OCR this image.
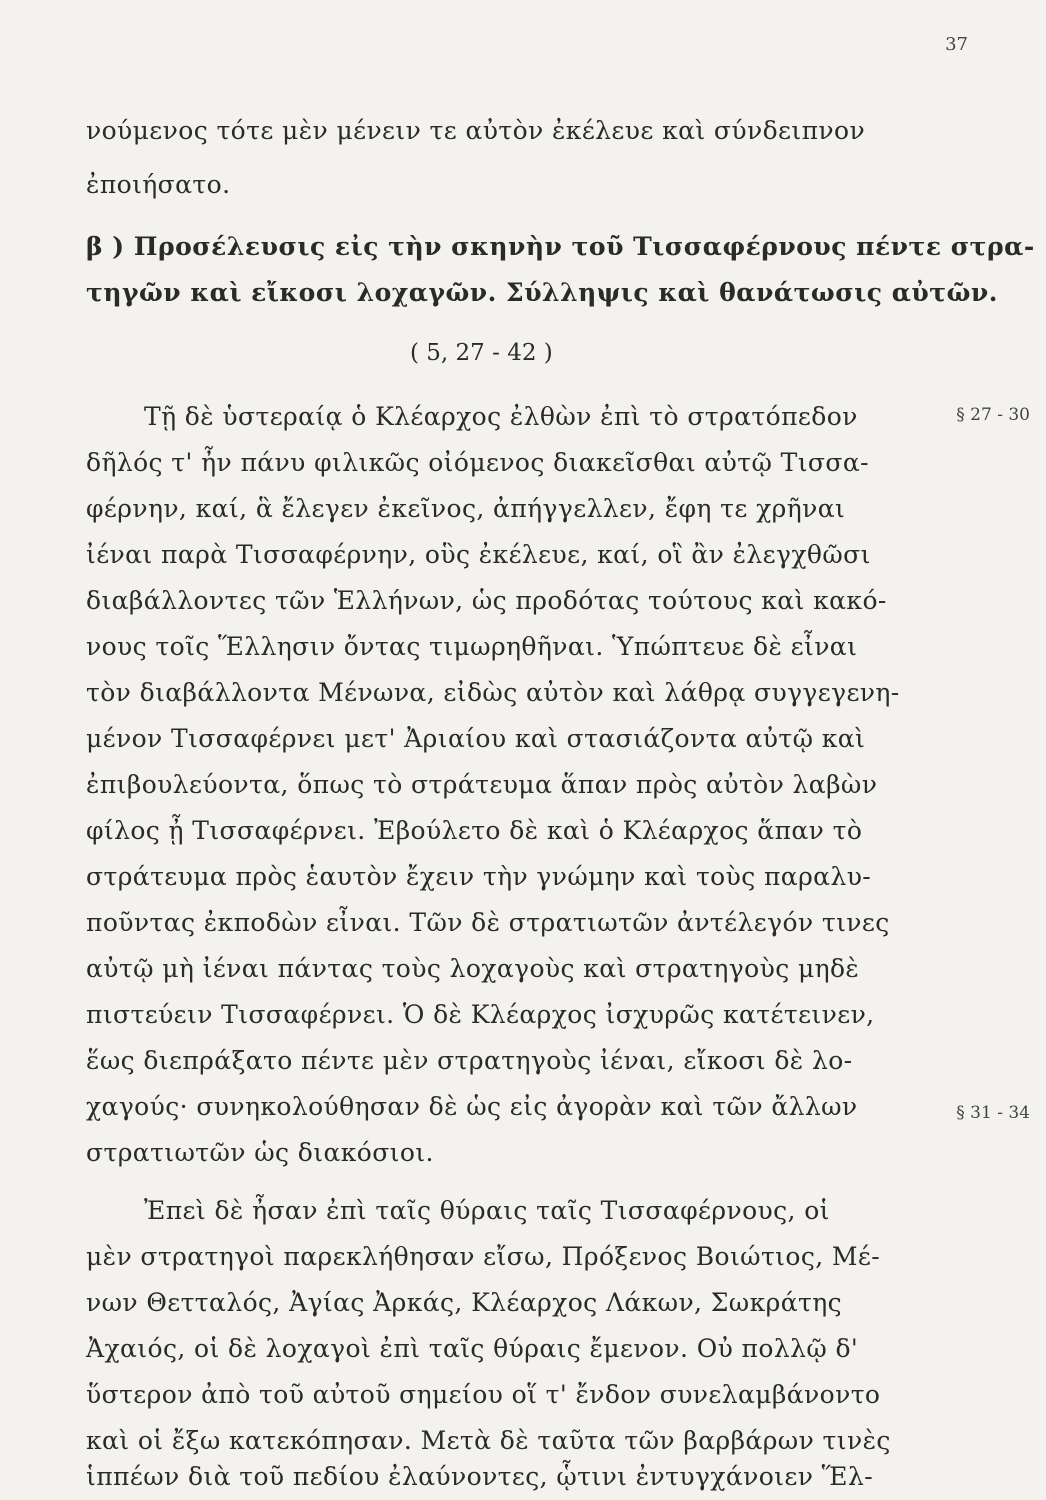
37
νούμενος τότε μὲν μένειν τε αὐτὸν ἐκέλευε καὶ σύνδειπνον
ἐποιήσατο.
β ) Προσέλευσις εἰς τὴν σκηνὴν τοῦ Τισσαφέρνους πέντε στρα-
τηγῶν καὶ εἴκοσι λοχαγῶν. Σύλληψις καὶ θανάτωσις αὐτῶν.
( 5, 27 - 42 )
§ 27 - 30
§ 31 - 34
Τῇ δὲ ὑστεραίᾳ ὁ Κλέαρχος ἐλθὼν ἐπὶ τὸ στρατόπεδον
δῆλός τ' ἦν πάνυ φιλικῶς οἰόμενος διακεῖσθαι αὐτῷ Τισσα-
φέρνην, καί, ἃ ἔλεγεν ἐκεῖνος, ἀπήγγελλεν, ἔφη τε χρῆναι
ἰέναι παρὰ Τισσαφέρνην, οὓς ἐκέλευε, καί, οἳ ἂν ἐλεγχθῶσι
διαβάλλοντες τῶν Ἑλλήνων, ὡς προδότας τούτους καὶ κακό-
νους τοῖς Ἕλλησιν ὄντας τιμωρηθῆναι. Ὑπώπτευε δὲ εἶναι
τὸν διαβάλλοντα Μένωνα, εἰδὼς αὐτὸν καὶ λάθρᾳ συγγεγενη-
μένον Τισσαφέρνει μετ' Ἀριαίου καὶ στασιάζοντα αὐτῷ καὶ
ἐπιβουλεύοντα, ὅπως τὸ στράτευμα ἅπαν πρὸς αὐτὸν λαβὼν
φίλος ᾖ Τισσαφέρνει. Ἐβούλετο δὲ καὶ ὁ Κλέαρχος ἅπαν τὸ
στράτευμα πρὸς ἑαυτὸν ἔχειν τὴν γνώμην καὶ τοὺς παραλυ-
ποῦντας ἐκποδὼν εἶναι. Τῶν δὲ στρατιωτῶν ἀντέλεγόν τινες
αὐτῷ μὴ ἰέναι πάντας τοὺς λοχαγοὺς καὶ στρατηγοὺς μηδὲ
πιστεύειν Τισσαφέρνει. Ὁ δὲ Κλέαρχος ἰσχυρῶς κατέτεινεν,
ἕως διεπράξατο πέντε μὲν στρατηγοὺς ἰέναι, εἴκοσι δὲ λο-
χαγούς· συνηκολούθησαν δὲ ὡς εἰς ἀγορὰν καὶ τῶν ἄλλων
στρατιωτῶν ὡς διακόσιοι.
Ἐπεὶ δὲ ἦσαν ἐπὶ ταῖς θύραις ταῖς Τισσαφέρνους, οἱ
μὲν στρατηγοὶ παρεκλήθησαν εἴσω, Πρόξενος Βοιώτιος, Μέ-
νων Θετταλός, Ἀγίας Ἀρκάς, Κλέαρχος Λάκων, Σωκράτης
Ἀχαιός, οἱ δὲ λοχαγοὶ ἐπὶ ταῖς θύραις ἔμενον. Οὐ πολλῷ δ'
ὕστερον ἀπὸ τοῦ αὐτοῦ σημείου οἵ τ' ἔνδον συνελαμβάνοντο
καὶ οἱ ἔξω κατεκόπησαν. Μετὰ δὲ ταῦτα τῶν βαρβάρων τινὲς
ἱππέων διὰ τοῦ πεδίου ἐλαύνοντες, ᾧτινι ἐντυγχάνοιεν Ἕλ-
